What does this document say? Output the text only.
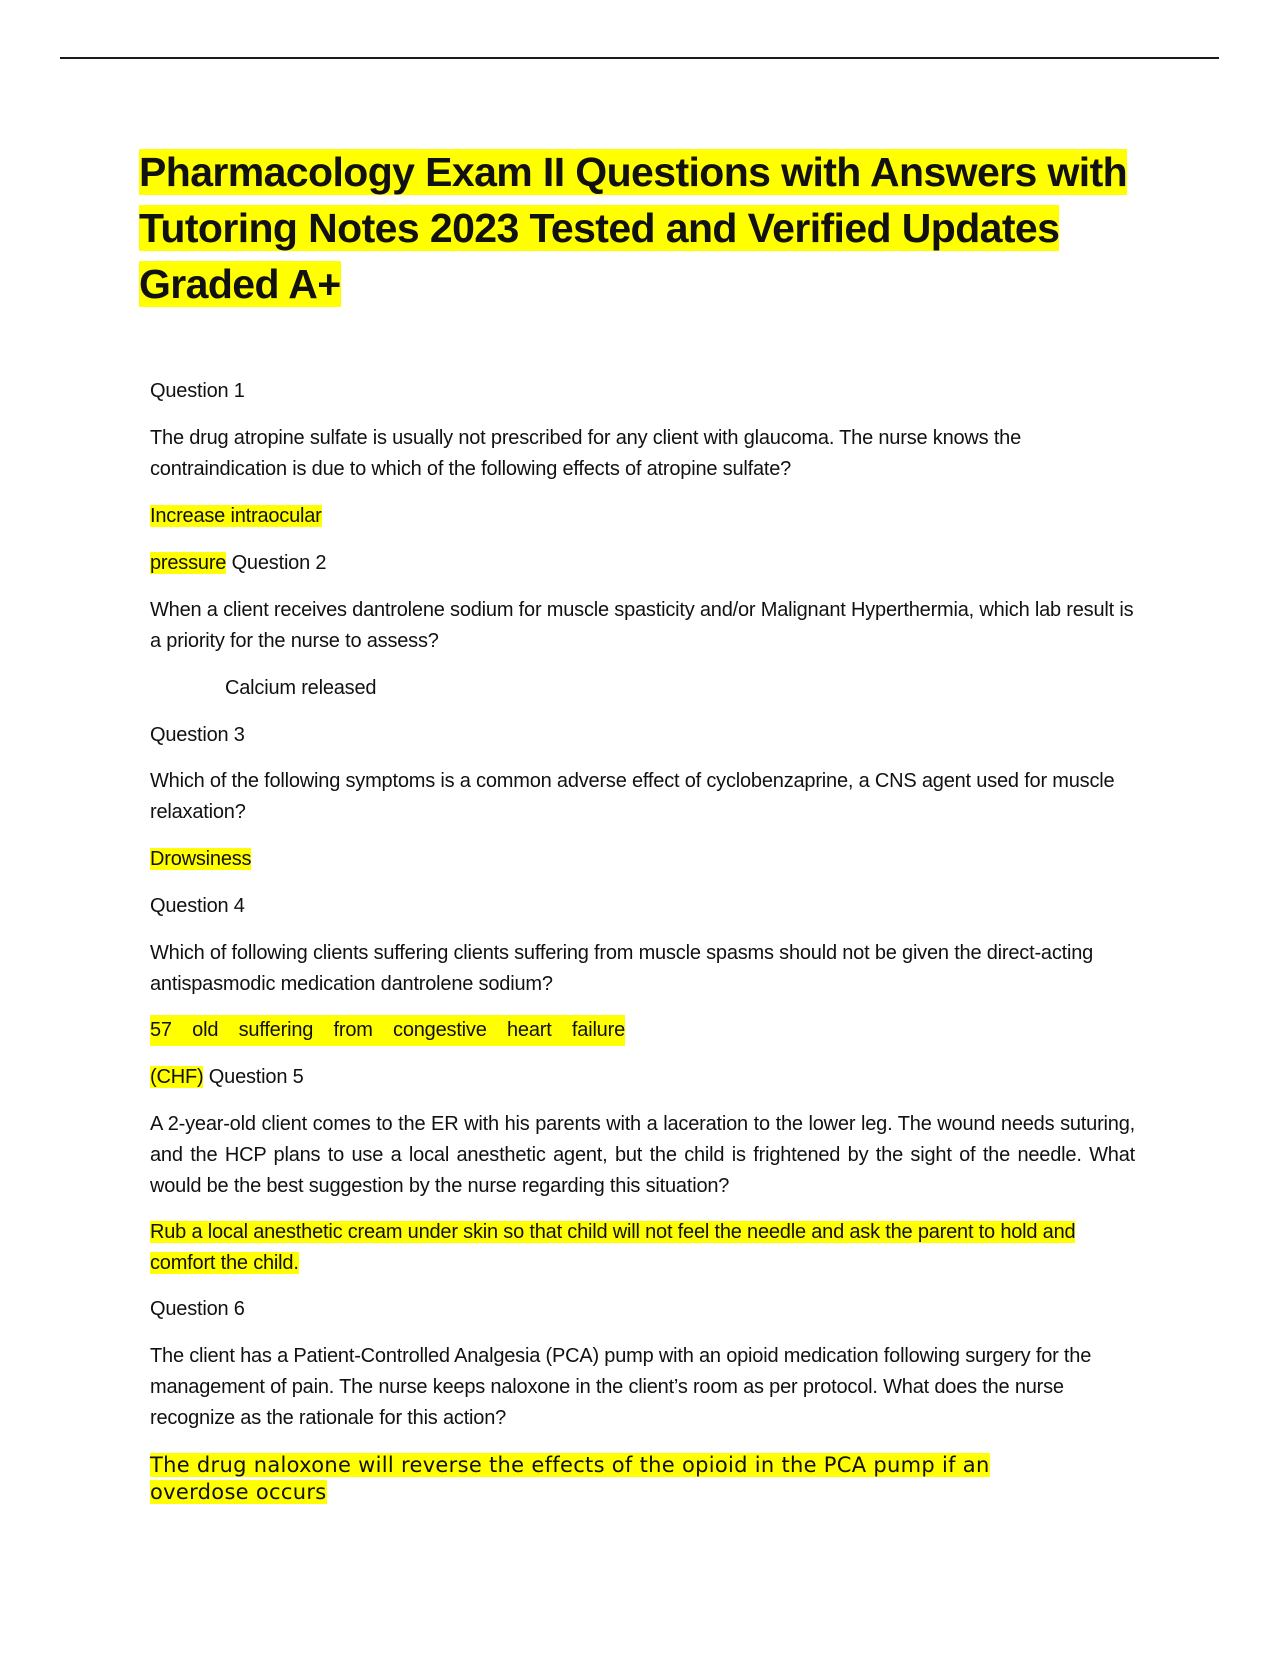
Pharmacology Exam II Questions with Answers with
Tutoring Notes 2023 Tested and Verified Updates
Graded A+

Question 1

The drug atropine sulfate is usually not prescribed for any client with glaucoma. The nurse knows the contraindication is due to which of the following effects of atropine sulfate?

Increase intraocular

pressure Question 2

When a client receives dantrolene sodium for muscle spasticity and/or Malignant Hyperthermia, which lab result is a priority for the nurse to assess?

Calcium released

Question 3

Which of the following symptoms is a common adverse effect of cyclobenzaprine, a CNS agent used for muscle relaxation?

Drowsiness

Question 4

Which of following clients suffering clients suffering from muscle spasms should not be given the direct-acting antispasmodic medication dantrolene sodium?

57 old suffering from congestive heart failure

(CHF) Question 5

A 2-year-old client comes to the ER with his parents with a laceration to the lower leg. The wound needs suturing, and the HCP plans to use a local anesthetic agent, but the child is frightened by the sight of the needle. What would be the best suggestion by the nurse regarding this situation?

Rub a local anesthetic cream under skin so that child will not feel the needle and ask the parent to hold and comfort the child.

Question 6

The client has a Patient-Controlled Analgesia (PCA) pump with an opioid medication following surgery for the management of pain. The nurse keeps naloxone in the client’s room as per protocol. What does the nurse recognize as the rationale for this action?

The drug naloxone will reverse the effects of the opioid in the PCA pump if an overdose occurs
